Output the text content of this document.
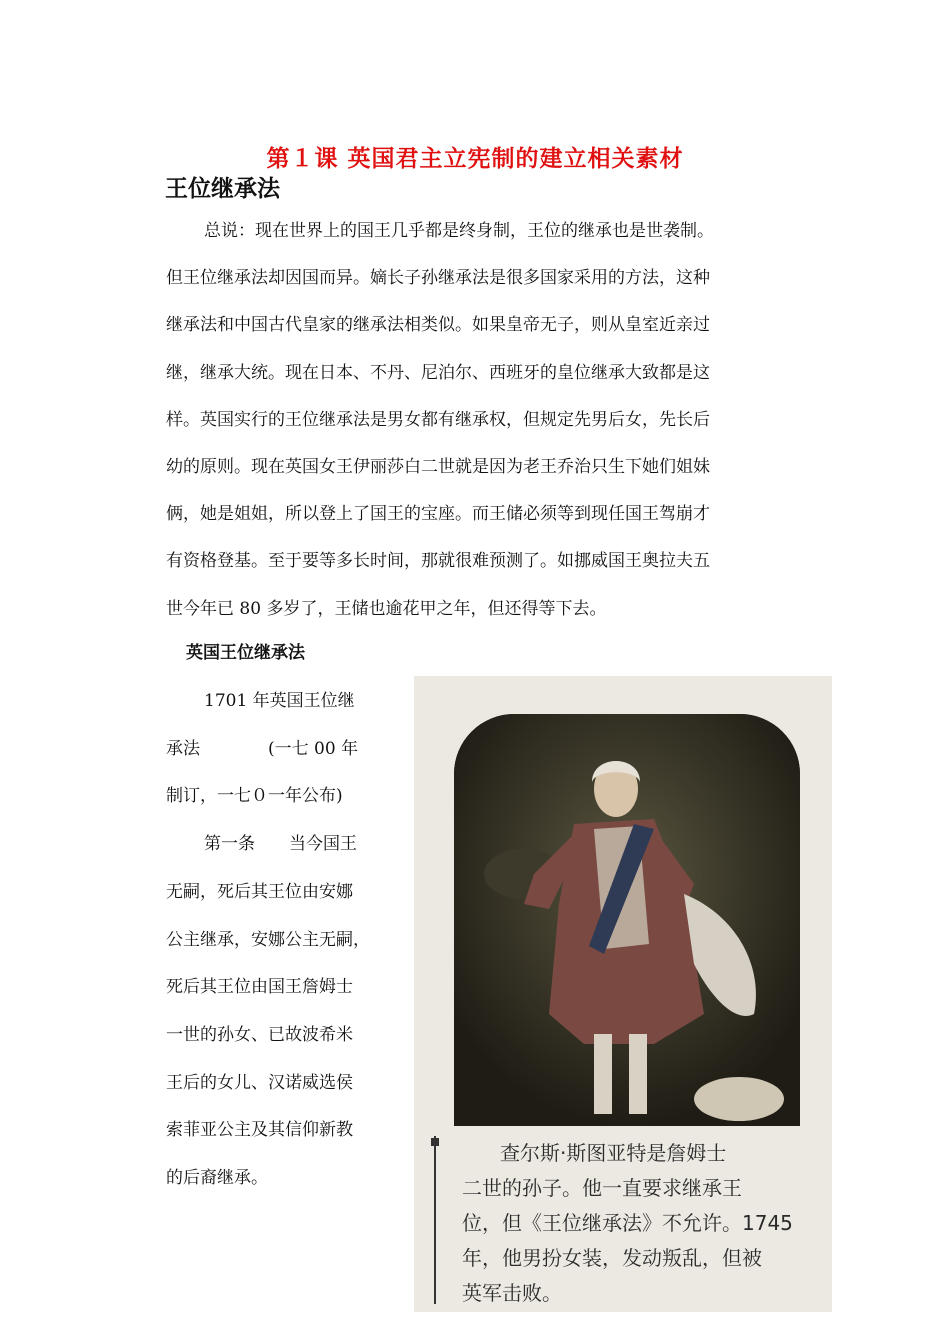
第１课 英国君主立宪制的建立相关素材
王位继承法
总说：现在世界上的国王几乎都是终身制，王位的继承也是世袭制。
但王位继承法却因国而异。嫡长子孙继承法是很多国家采用的方法，这种
继承法和中国古代皇家的继承法相类似。如果皇帝无子，则从皇室近亲过
继，继承大统。现在日本、不丹、尼泊尔、西班牙的皇位继承大致都是这
样。英国实行的王位继承法是男女都有继承权，但规定先男后女，先长后
幼的原则。现在英国女王伊丽莎白二世就是因为老王乔治只生下她们姐妹
俩，她是姐姐，所以登上了国王的宝座。而王储必须等到现任国王驾崩才
有资格登基。至于要等多长时间，那就很难预测了。如挪威国王奥拉夫五
世今年已 80 多岁了，王储也逾花甲之年，但还得等下去。
英国王位继承法
1701 年英国王位继
承法　　　　(一七 00 年
制订，一七０一年公布)
第一条　　当今国王
无嗣，死后其王位由安娜
公主继承，安娜公主无嗣，
死后其王位由国王詹姆士
一世的孙女、已故波希米
王后的女儿、汉诺威选侯
索菲亚公主及其信仰新教
的后裔继承。
查尔斯·斯图亚特是詹姆士
二世的孙子。他一直要求继承王
位，但《王位继承法》不允许。1745
年，他男扮女装，发动叛乱，但被
英军击败。
